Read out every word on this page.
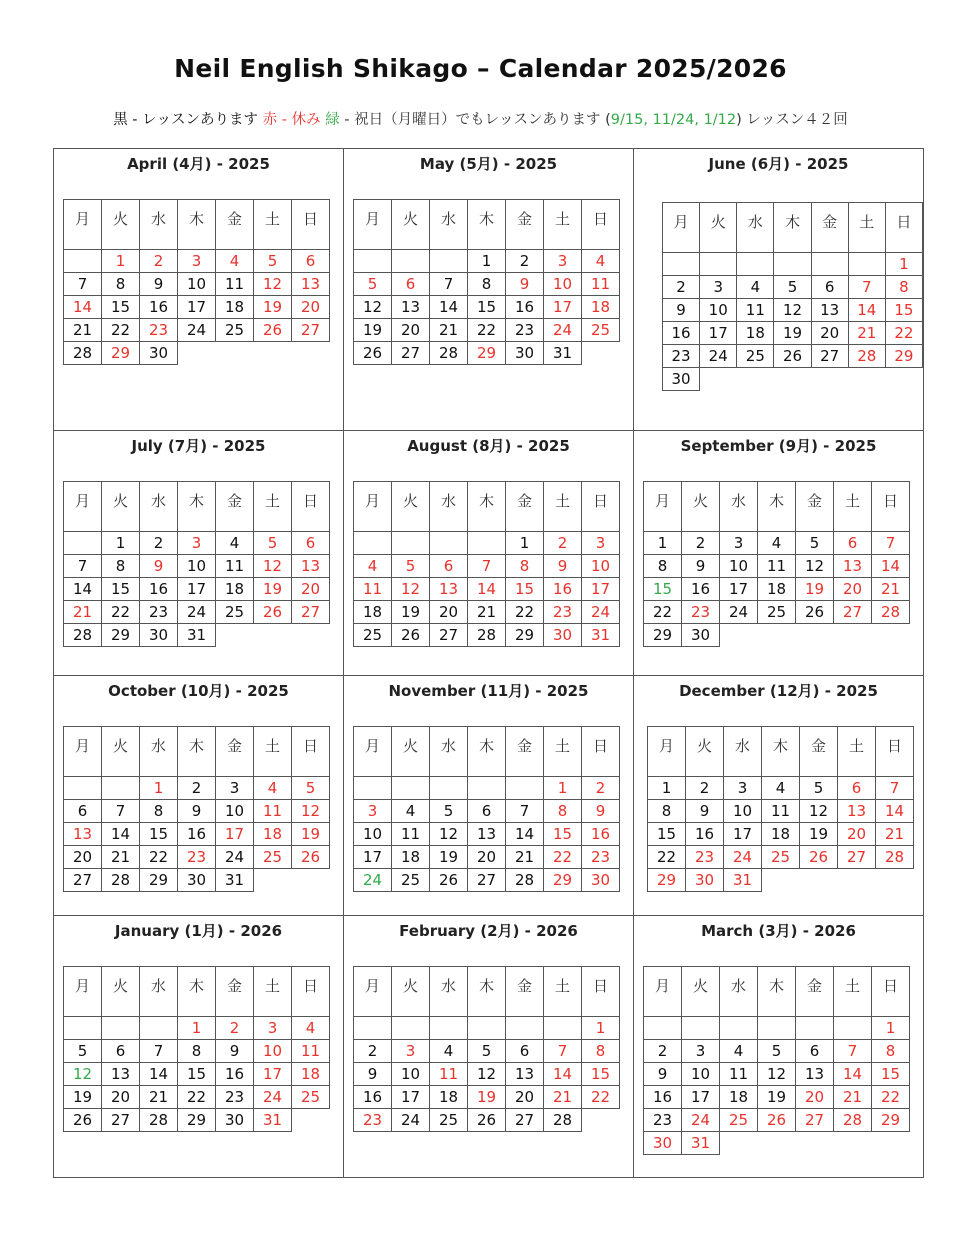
Neil English Shikago – Calendar 2025/2026
黒 - レッスンあります 赤 - 休み 緑 - 祝日（月曜日）でもレッスンあります (9/15, 11/24, 1/12) レッスン４２回
April (4月) - 2025
月	火	水	木	金	土	日
	1	2	3	4	5	6
7	8	9	10	11	12	13
14	15	16	17	18	19	20
21	22	23	24	25	26	27
28	29	30				
May (5月) - 2025
月	火	水	木	金	土	日
			1	2	3	4
5	6	7	8	9	10	11
12	13	14	15	16	17	18
19	20	21	22	23	24	25
26	27	28	29	30	31	
June (6月) - 2025
月	火	水	木	金	土	日
						1
2	3	4	5	6	7	8
9	10	11	12	13	14	15
16	17	18	19	20	21	22
23	24	25	26	27	28	29
30						
July (7月) - 2025
月	火	水	木	金	土	日
	1	2	3	4	5	6
7	8	9	10	11	12	13
14	15	16	17	18	19	20
21	22	23	24	25	26	27
28	29	30	31			
August (8月) - 2025
月	火	水	木	金	土	日
				1	2	3
4	5	6	7	8	9	10
11	12	13	14	15	16	17
18	19	20	21	22	23	24
25	26	27	28	29	30	31
September (9月) - 2025
月	火	水	木	金	土	日
1	2	3	4	5	6	7
8	9	10	11	12	13	14
15	16	17	18	19	20	21
22	23	24	25	26	27	28
29	30					
October (10月) - 2025
月	火	水	木	金	土	日
		1	2	3	4	5
6	7	8	9	10	11	12
13	14	15	16	17	18	19
20	21	22	23	24	25	26
27	28	29	30	31		
November (11月) - 2025
月	火	水	木	金	土	日
					1	2
3	4	5	6	7	8	9
10	11	12	13	14	15	16
17	18	19	20	21	22	23
24	25	26	27	28	29	30
December (12月) - 2025
月	火	水	木	金	土	日
1	2	3	4	5	6	7
8	9	10	11	12	13	14
15	16	17	18	19	20	21
22	23	24	25	26	27	28
29	30	31				
January (1月) - 2026
月	火	水	木	金	土	日
			1	2	3	4
5	6	7	8	9	10	11
12	13	14	15	16	17	18
19	20	21	22	23	24	25
26	27	28	29	30	31	
February (2月) - 2026
月	火	水	木	金	土	日
						1
2	3	4	5	6	7	8
9	10	11	12	13	14	15
16	17	18	19	20	21	22
23	24	25	26	27	28	
March (3月) - 2026
月	火	水	木	金	土	日
						1
2	3	4	5	6	7	8
9	10	11	12	13	14	15
16	17	18	19	20	21	22
23	24	25	26	27	28	29
30	31					
